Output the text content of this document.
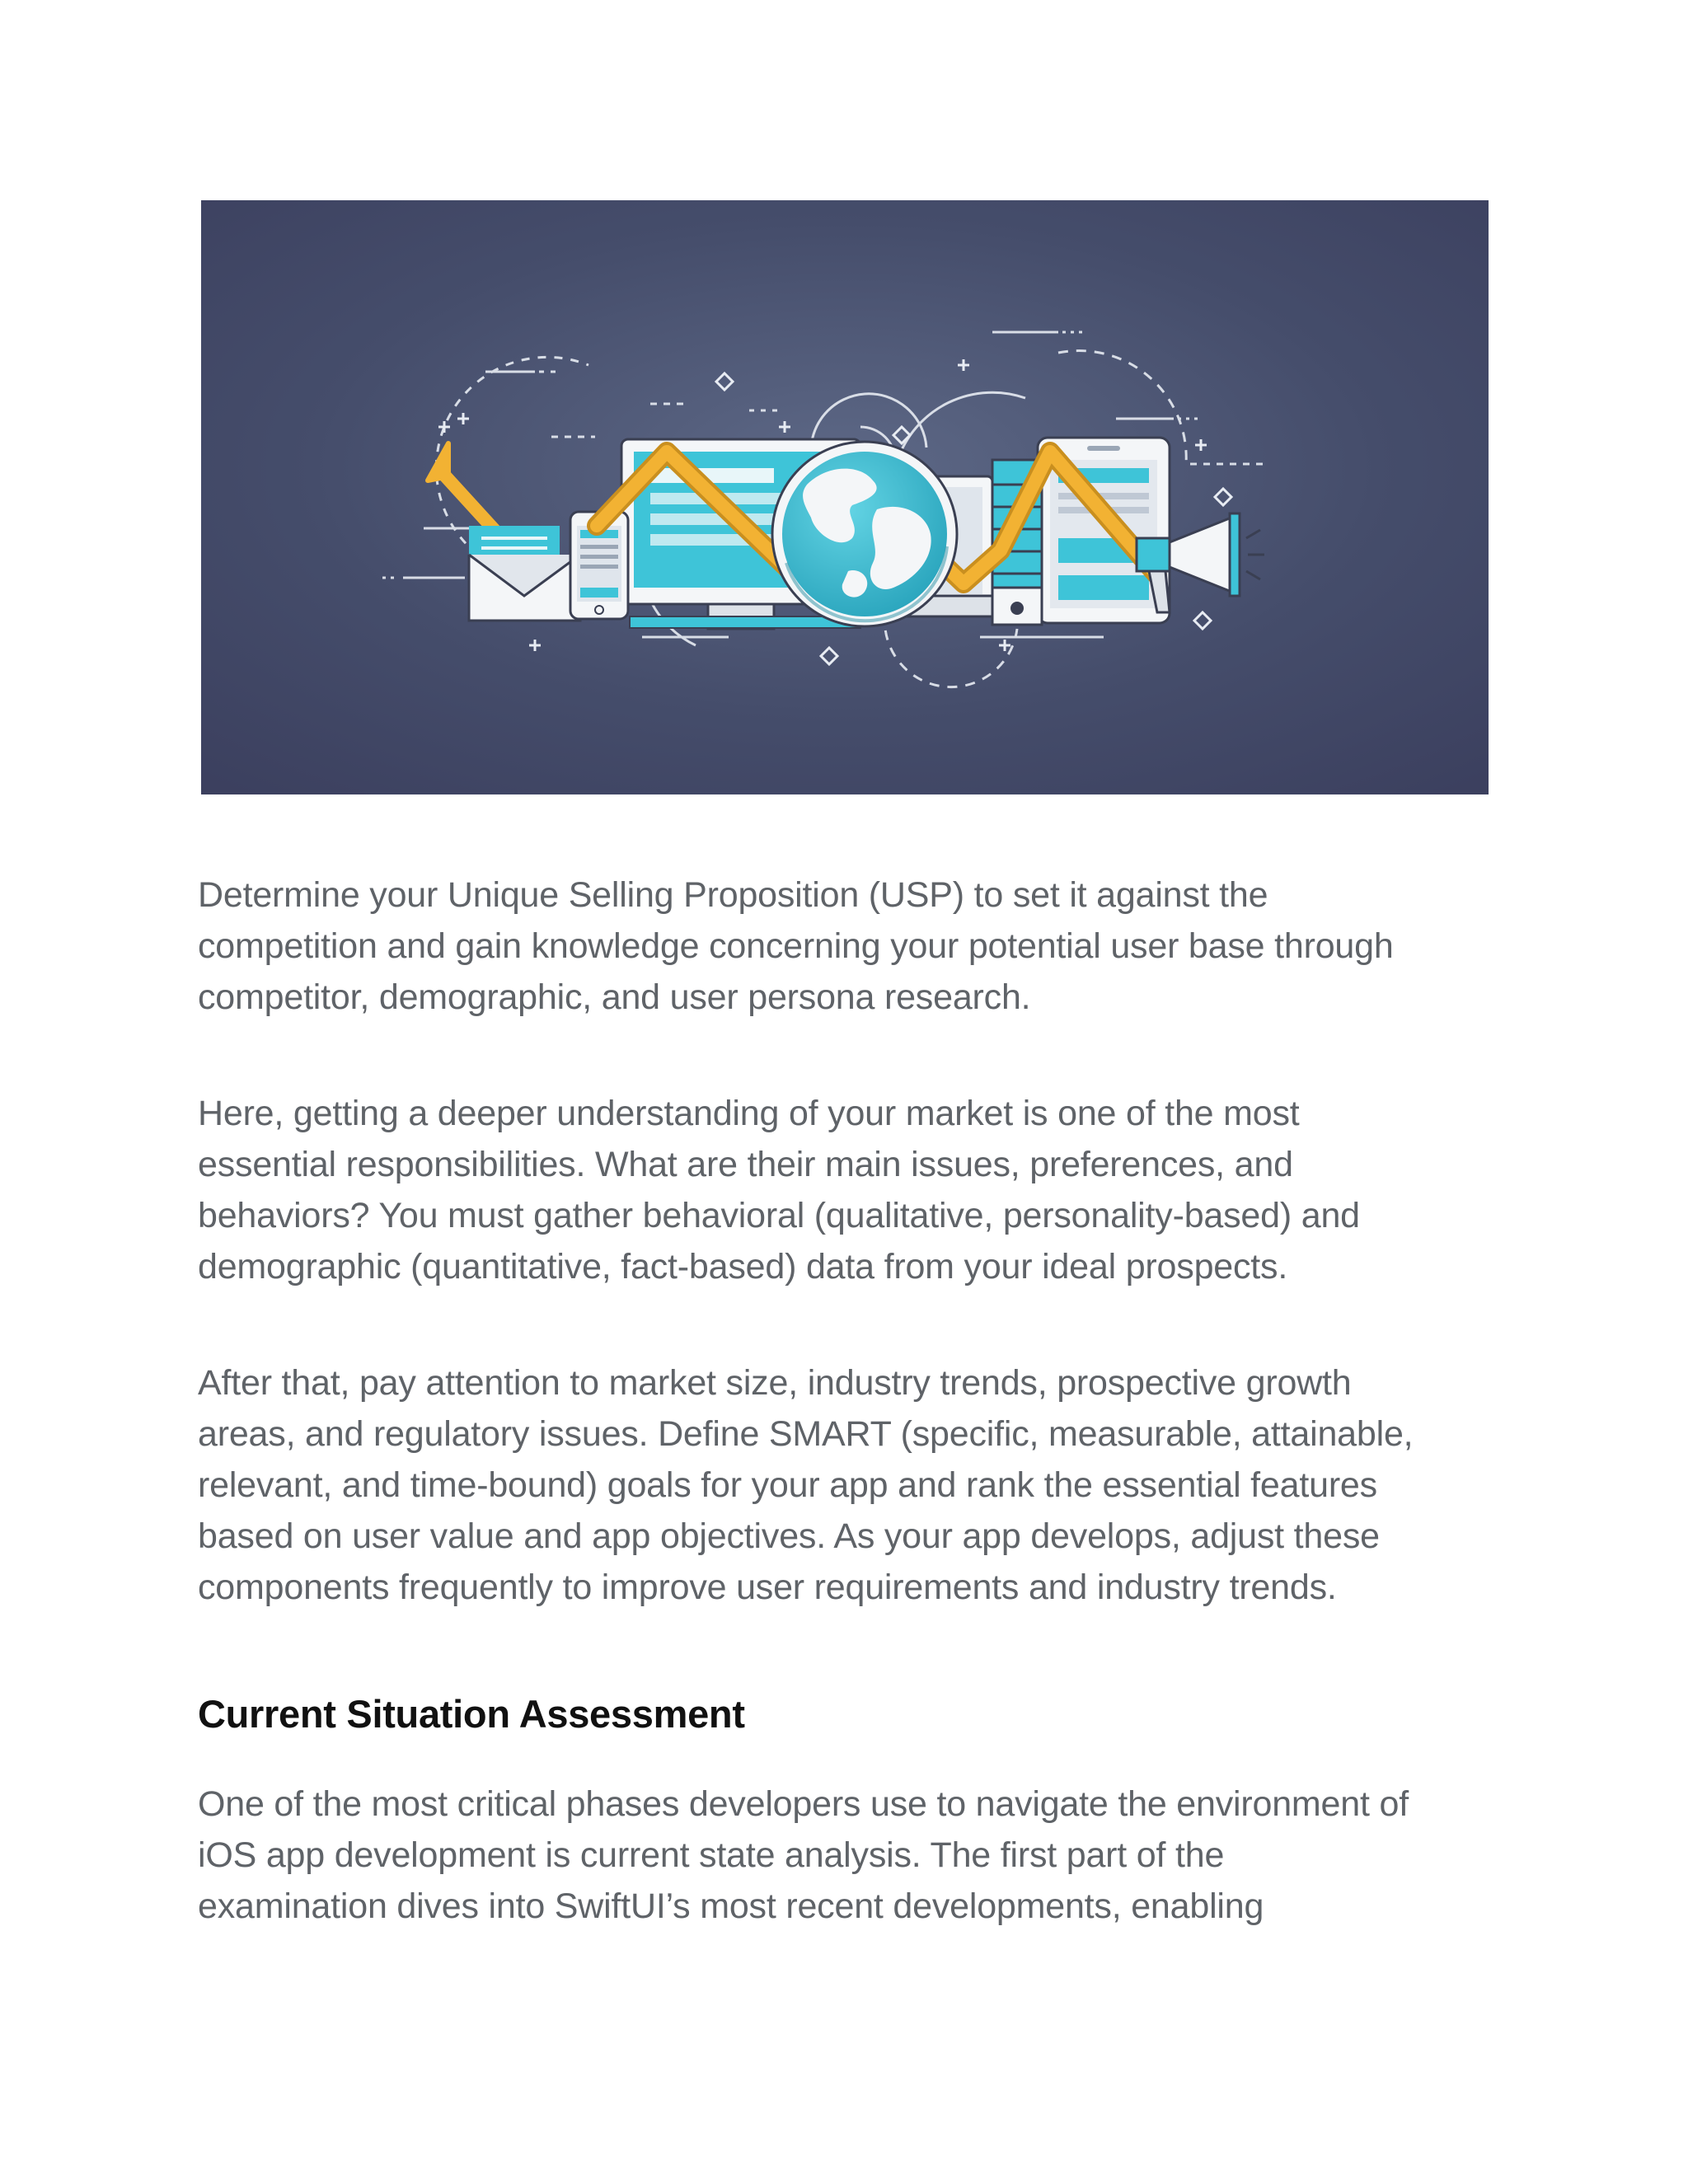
Determine your Unique Selling Proposition (USP) to set it against the
competition and gain knowledge concerning your potential user base through
competitor, demographic, and user persona research.

Here, getting a deeper understanding of your market is one of the most
essential responsibilities. What are their main issues, preferences, and
behaviors? You must gather behavioral (qualitative, personality-based) and
demographic (quantitative, fact-based) data from your ideal prospects.

After that, pay attention to market size, industry trends, prospective growth
areas, and regulatory issues. Define SMART (specific, measurable, attainable,
relevant, and time-bound) goals for your app and rank the essential features
based on user value and app objectives. As your app develops, adjust these
components frequently to improve user requirements and industry trends.

Current Situation Assessment

One of the most critical phases developers use to navigate the environment of
iOS app development is current state analysis. The first part of the
examination dives into SwiftUI’s most recent developments, enabling
